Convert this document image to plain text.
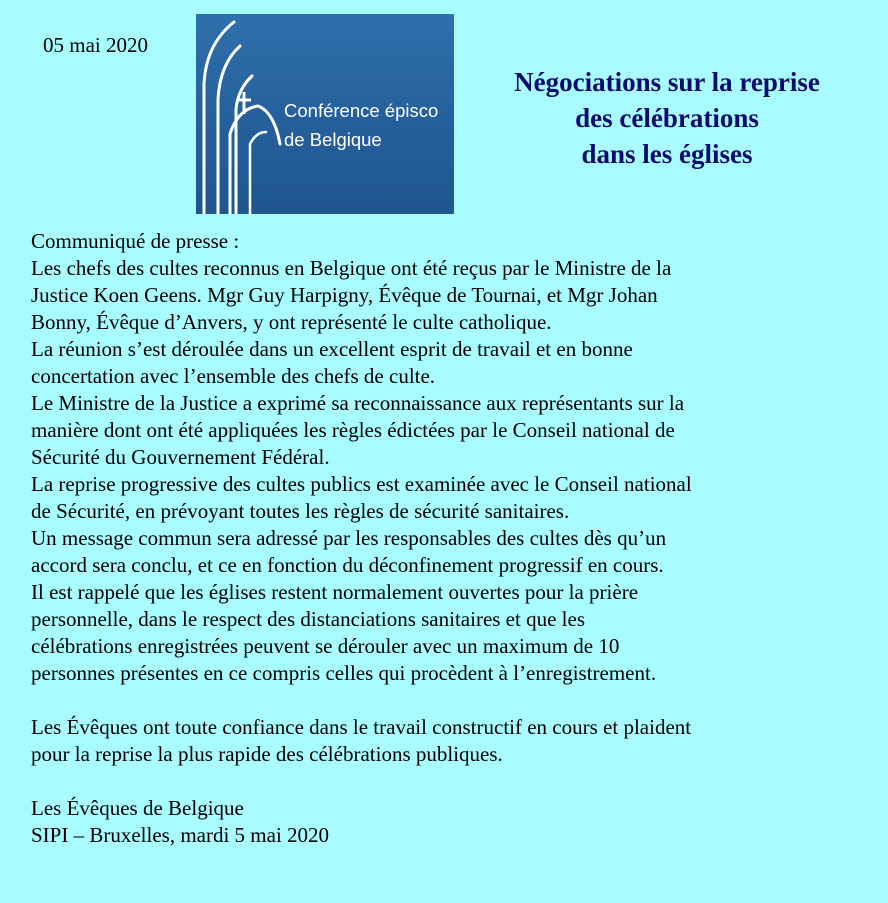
05 mai 2020
Conférence épisco
de Belgique
Négociations sur la reprise
des célébrations
dans les églises
Communiqué de presse :
Les chefs des cultes reconnus en Belgique ont été reçus par le Ministre de la
Justice Koen Geens. Mgr Guy Harpigny, Évêque de Tournai, et Mgr Johan
Bonny, Évêque d’Anvers, y ont représenté le culte catholique.
La réunion s’est déroulée dans un excellent esprit de travail et en bonne
concertation avec l’ensemble des chefs de culte.
Le Ministre de la Justice a exprimé sa reconnaissance aux représentants sur la
manière dont ont été appliquées les règles édictées par le Conseil national de
Sécurité du Gouvernement Fédéral.
La reprise progressive des cultes publics est examinée avec le Conseil national
de Sécurité, en prévoyant toutes les règles de sécurité sanitaires.
Un message commun sera adressé par les responsables des cultes dès qu’un
accord sera conclu, et ce en fonction du déconfinement progressif en cours.
Il est rappelé que les églises restent normalement ouvertes pour la prière
personnelle, dans le respect des distanciations sanitaires et que les
célébrations enregistrées peuvent se dérouler avec un maximum de 10
personnes présentes en ce compris celles qui procèdent à l’enregistrement.
Les Évêques ont toute confiance dans le travail constructif en cours et plaident
pour la reprise la plus rapide des célébrations publiques.
Les Évêques de Belgique
SIPI – Bruxelles, mardi 5 mai 2020
